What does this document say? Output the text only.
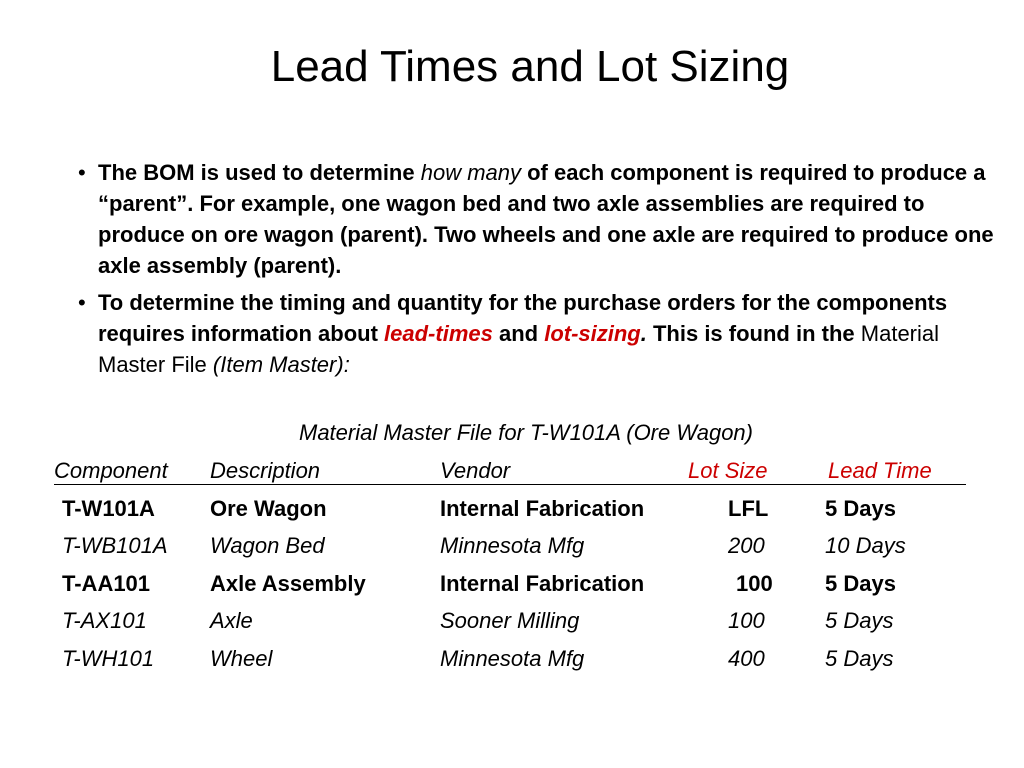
Lead Times and Lot Sizing
• The BOM is used to determine how many of each component is required to produce a “parent”. For example, one wagon bed and two axle assemblies are required to produce on ore wagon (parent). Two wheels and one axle are required to produce one axle assembly (parent).
• To determine the timing and quantity for the purchase orders for the components requires information about lead-times and lot-sizing. This is found in the Material Master File (Item Master):
Material Master File for T-W101A (Ore Wagon)
Component Description	Vendor	Lot Size	Lead Time
T-W101A	Ore Wagon	Internal Fabrication	LFL	5 Days
T-WB101A Wagon Bed	Minnesota Mfg	200	10 Days
T-AA101	Axle Assembly	Internal Fabrication	100 5 Days
T-AX101	Axle	Sooner Milling	100	5 Days
T-WH101	Wheel	Minnesota Mfg	400	5 Days
